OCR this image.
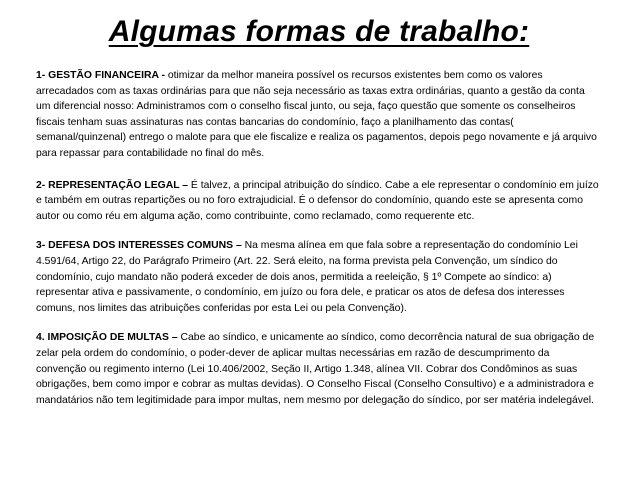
Algumas formas de trabalho:

1- GESTÃO FINANCEIRA - otimizar da melhor maneira possível os recursos existentes bem como os valores arrecadados com as taxas ordinárias para que não seja necessário as taxas extra ordinárias, quanto a gestão da conta um diferencial nosso: Administramos com o conselho fiscal junto, ou seja, faço questão que somente os conselheiros fiscais tenham suas assinaturas nas contas bancarias do condomínio, faço a planilhamento das contas( semanal/quinzenal) entrego o malote para que ele fiscalize e realiza os pagamentos, depois pego novamente e já arquivo para repassar para contabilidade no final do mês.

2- REPRESENTAÇÃO LEGAL – É talvez, a principal atribuição do síndico. Cabe a ele representar o condomínio em juízo e também em outras repartições ou no foro extrajudicial. É o defensor do condomínio, quando este se apresenta como autor ou como réu em alguma ação, como contribuinte, como reclamado, como requerente etc.

3- DEFESA DOS INTERESSES COMUNS – Na mesma alínea em que fala sobre a representação do condomínio Lei 4.591/64, Artigo 22, do Parágrafo Primeiro (Art. 22. Será eleito, na forma prevista pela Convenção, um síndico do condomínio, cujo mandato não poderá exceder de dois anos, permitida a reeleição, § 1º Compete ao síndico: a) representar ativa e passivamente, o condomínio, em juízo ou fora dele, e praticar os atos de defesa dos interesses comuns, nos limites das atribuições conferidas por esta Lei ou pela Convenção).

4. IMPOSIÇÃO DE MULTAS – Cabe ao síndico, e unicamente ao síndico, como decorrência natural de sua obrigação de zelar pela ordem do condomínio, o poder-dever de aplicar multas necessárias em razão de descumprimento da convenção ou regimento interno (Lei 10.406/2002, Seção II, Artigo 1.348, alínea VII. Cobrar dos Condôminos as suas obrigações, bem como impor e cobrar as multas devidas). O Conselho Fiscal (Conselho Consultivo) e a administradora e mandatários não tem legitimidade para impor multas, nem mesmo por delegação do síndico, por ser matéria indelegável.
